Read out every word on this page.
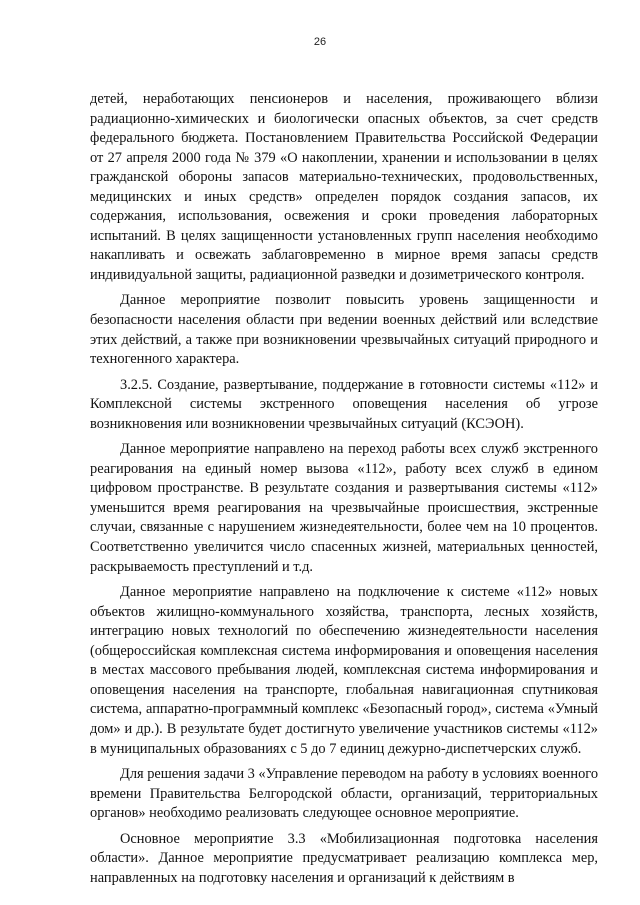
26

детей, неработающих пенсионеров и населения, проживающего вблизи радиационно-химических и биологически опасных объектов, за счет средств федерального бюджета. Постановлением Правительства Российской Федерации от 27 апреля 2000 года № 379 «О накоплении, хранении и использовании в целях гражданской обороны запасов материально-технических, продовольственных, медицинских и иных средств» определен порядок создания запасов, их содержания, использования, освежения и сроки проведения лабораторных испытаний. В целях защищенности установленных групп населения необходимо накапливать и освежать заблаговременно в мирное время запасы средств индивидуальной защиты, радиационной разведки и дозиметрического контроля.

Данное мероприятие позволит повысить уровень защищенности и безопасности населения области при ведении военных действий или вследствие этих действий, а также при возникновении чрезвычайных ситуаций природного и техногенного характера.

3.2.5. Создание, развертывание, поддержание в готовности системы «112» и Комплексной системы экстренного оповещения населения об угрозе возникновения или возникновении чрезвычайных ситуаций (КСЭОН).

Данное мероприятие направлено на переход работы всех служб экстренного реагирования на единый номер вызова «112», работу всех служб в едином цифровом пространстве. В результате создания и развертывания системы «112» уменьшится время реагирования на чрезвычайные происшествия, экстренные случаи, связанные с нарушением жизнедеятельности, более чем на 10 процентов. Соответственно увеличится число спасенных жизней, материальных ценностей, раскрываемость преступлений и т.д.

Данное мероприятие направлено на подключение к системе «112» новых объектов жилищно-коммунального хозяйства, транспорта, лесных хозяйств, интеграцию новых технологий по обеспечению жизнедеятельности населения (общероссийская комплексная система информирования и оповещения населения в местах массового пребывания людей, комплексная система информирования и оповещения населения на транспорте, глобальная навигационная спутниковая система, аппаратно-программный комплекс «Безопасный город», система «Умный дом» и др.). В результате будет достигнуто увеличение участников системы «112» в муниципальных образованиях с 5 до 7 единиц дежурно-диспетчерских служб.

Для решения задачи 3 «Управление переводом на работу в условиях военного времени Правительства Белгородской области, организаций, территориальных органов» необходимо реализовать следующее основное мероприятие.

Основное мероприятие 3.3 «Мобилизационная подготовка населения области». Данное мероприятие предусматривает реализацию комплекса мер, направленных на подготовку населения и организаций к действиям в
